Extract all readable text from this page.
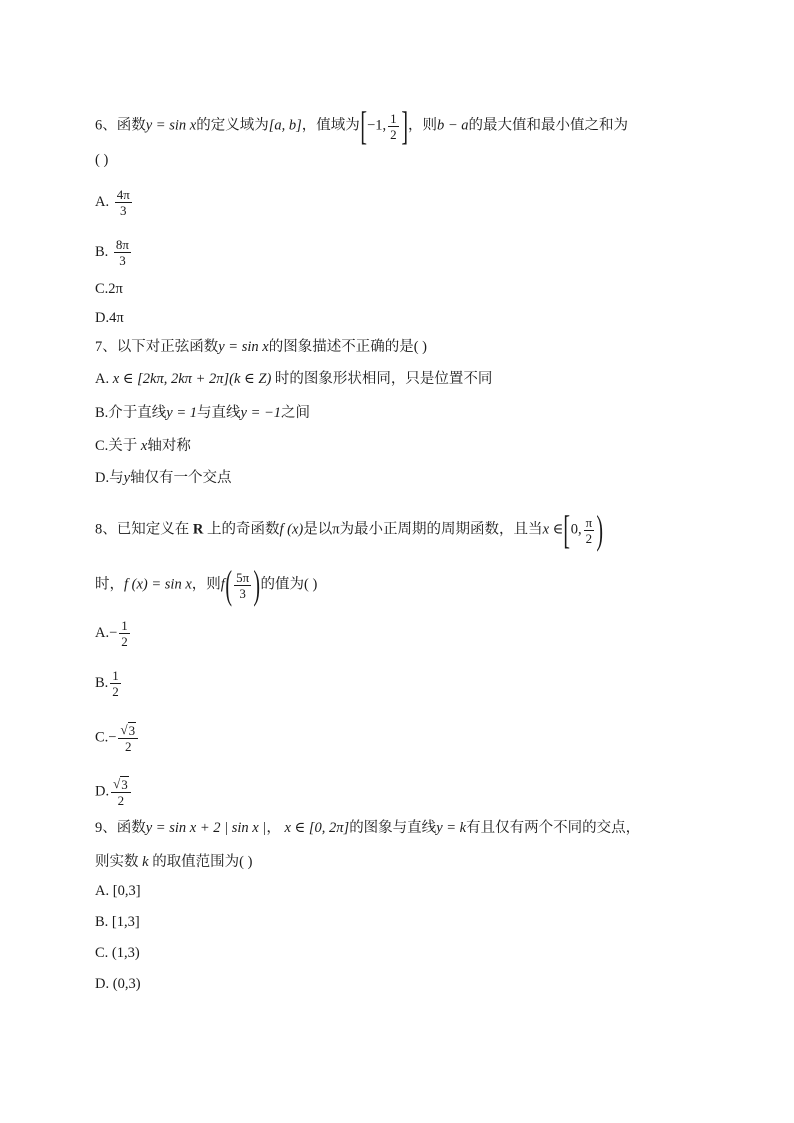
6、函数y = sin x的定义域为[a, b]，值域为[−1, $\frac{1}{2}$ ]，则b − a的最大值和最小值之和为
( )
A. $\frac{4\pi}{3}$
B. $\frac{8\pi}{3}$
C.2π
D.4π
7、以下对正弦函数y = sin x的图象描述不正确的是( )
A. x ∈ [2kπ, 2kπ + 2π](k ∈ Z) 时的图象形状相同，只是位置不同
B.介于直线y = 1与直线y = −1之间
C.关于 x轴对称
D.与y轴仅有一个交点
8、已知定义在 R 上的奇函数f (x)是以π为最小正周期的周期函数，且当x ∈[0, $\frac{\pi}{2}$ )
时，f (x) = sin x，则$f( \frac{5\pi}{3}$ )的值为( )
$A.- \frac{1}{2}$
B. $\frac{1}{2}$
$C.- \frac{√ 3}{2}$
D. $\frac{√ 3}{2}$
9、函数y = sin x + 2 | sin x |， x ∈ [0, 2π]的图象与直线y = k有且仅有两个不同的交点，
则实数 k 的取值范围为( )
A. [0,3]
B. [1,3]
C. (1,3)
D. (0,3)
